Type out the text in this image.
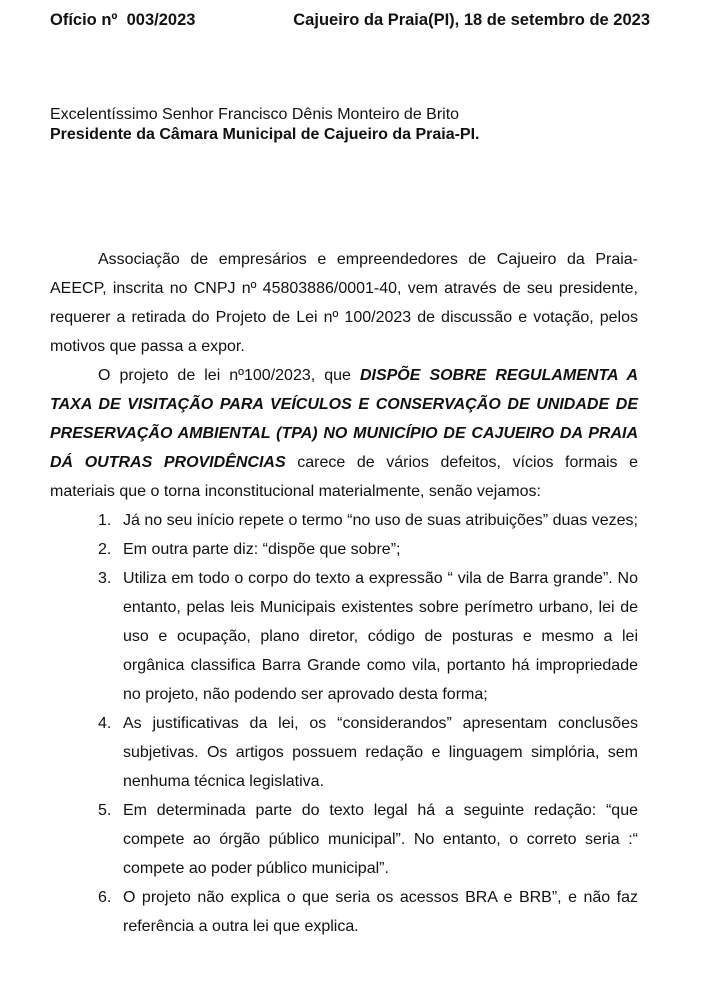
Ofício nº  003/2023	Cajueiro da Praia(PI), 18 de setembro de 2023
Excelentíssimo Senhor Francisco Dênis Monteiro de Brito
Presidente da Câmara Municipal de Cajueiro da Praia-PI.

Associação de empresários e empreendedores de Cajueiro da Praia-AEECP, inscrita no CNPJ nº 45803886/0001-40, vem através de seu presidente, requerer a retirada do Projeto de Lei nº 100/2023 de discussão e votação, pelos motivos que passa a expor.

O projeto de lei nº100/2023, que DISPÕE SOBRE REGULAMENTA A TAXA DE VISITAÇÃO PARA VEÍCULOS E CONSERVAÇÃO DE UNIDADE DE PRESERVAÇÃO AMBIENTAL (TPA) NO MUNICÍPIO DE CAJUEIRO DA PRAIA DÁ OUTRAS PROVIDÊNCIAS carece de vários defeitos, vícios formais e materiais que o torna inconstitucional materialmente, senão vejamos:

1. Já no seu início repete o termo “no uso de suas atribuições” duas vezes;
2. Em outra parte diz: “dispõe que sobre”;
3. Utiliza em todo o corpo do texto a expressão “ vila de Barra grande”. No entanto, pelas leis Municipais existentes sobre perímetro urbano, lei de uso e ocupação, plano diretor, código de posturas e mesmo a lei orgânica classifica Barra Grande como vila, portanto há impropriedade no projeto, não podendo ser aprovado desta forma;
4. As justificativas da lei, os “considerandos” apresentam conclusões subjetivas. Os artigos possuem redação e linguagem simplória, sem nenhuma técnica legislativa.
5. Em determinada parte do texto legal há a seguinte redação: “que compete ao órgão público municipal”. No entanto, o correto seria :“ compete ao poder público municipal”.
6. O projeto não explica o que seria os acessos BRA e BRB”, e não faz referência a outra lei que explica.
